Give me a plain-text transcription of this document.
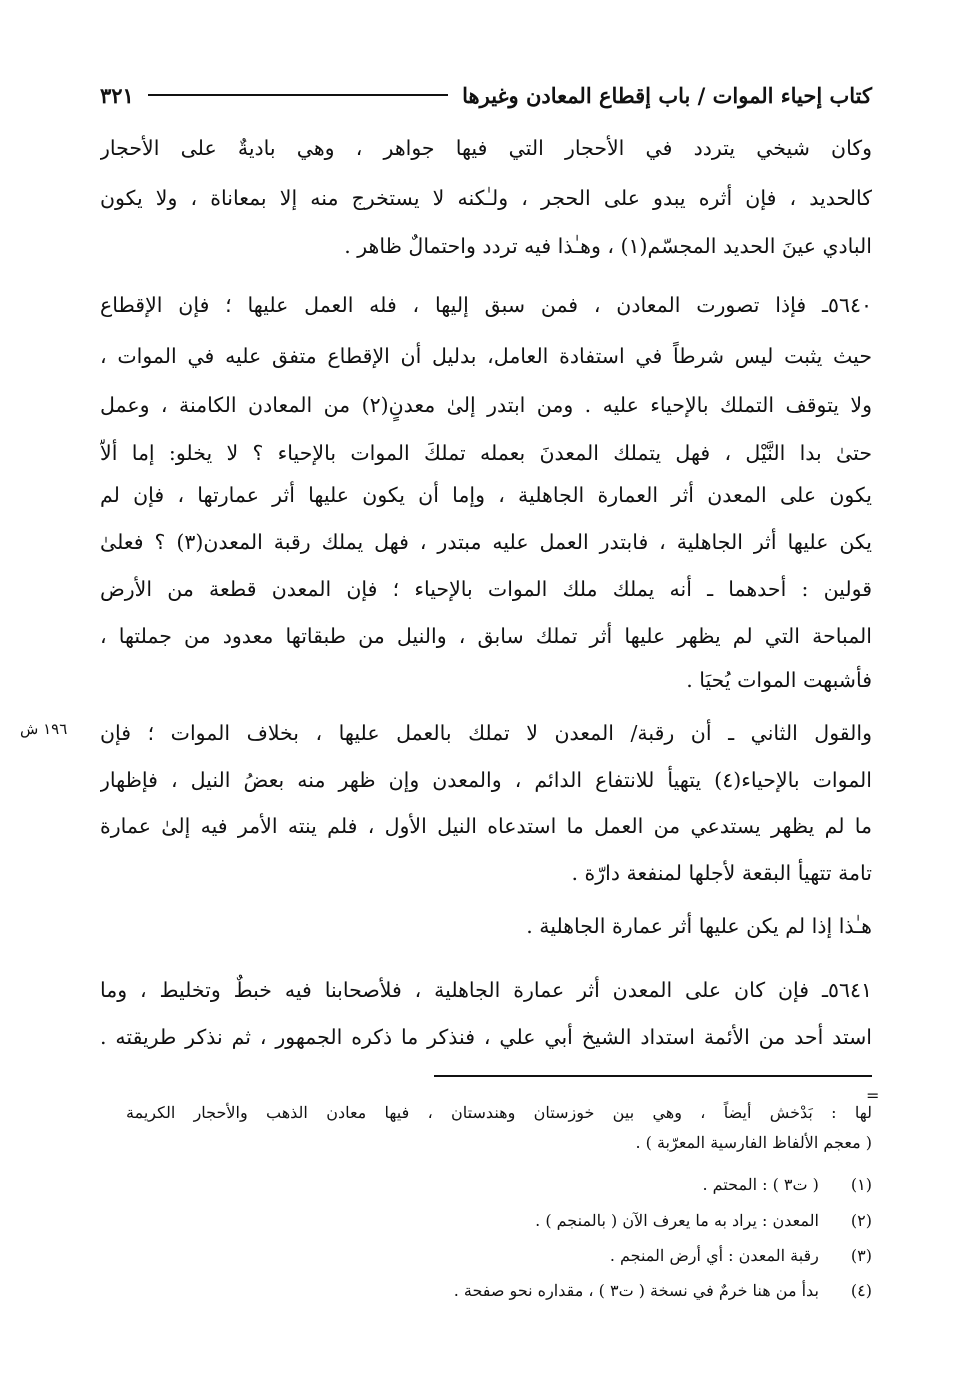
كتاب إحياء الموات / باب إقطاع المعادن وغيرها
٣٢١
وكان شيخي يتردد في الأحجار التي فيها جواهر ، وهي باديةٌ على الأحجار
كالحديد ، فإن أثره يبدو على الحجر ، ولـٰكنه لا يستخرج منه إلا بمعاناة ، ولا يكون
البادي عينَ الحديد المجسّم(١) ، وهـٰذا فيه تردد واحتمالٌ ظاهر .
٥٦٤٠ـ فإذا تصورت المعادن ، فمن سبق إليها ، فله العمل عليها ؛ فإن الإقطاع
حيث يثبت ليس شرطاً في استفادة العامل، بدليل أن الإقطاع متفق عليه في الموات ،
ولا يتوقف التملك بالإحياء عليه . ومن ابتدر إلىٰ معدنٍ(٢) من المعادن الكامنة ، وعمل
حتىٰ بدا النَّيْل ، فهل يتملك المعدنَ بعمله تملكَ الموات بالإحياء ؟ لا يخلو: إما ألاّ
يكون على المعدن أثر العمارة الجاهلية ، وإما أن يكون عليها أثر عمارتها ، فإن لم
يكن عليها أثر الجاهلية ، فابتدر العمل عليه مبتدر ، فهل يملك رقبة المعدن(٣) ؟ فعلىٰ
قولين : أحدهما ـ أنه يملك ملك الموات بالإحياء ؛ فإن المعدن قطعة من الأرض
المباحة التي لم يظهر عليها أثر تملك سابق ، والنيل من طبقاتها معدود من جملتها ،
فأشبهت الموات يُحيَا .
١٩٦ ش والقول الثاني ـ أن رقبة/ المعدن لا تملك بالعمل عليها ، بخلاف الموات ؛ فإن
الموات بالإحياء(٤) يتهيأ للانتفاع الدائم ، والمعدن وإن ظهر منه بعضُ النيل ، فإظهار
ما لم يظهر يستدعي من العمل ما استدعاه النيل الأول ، فلم ينته الأمر فيه إلىٰ عمارة
تامة تتهيأ البقعة لأجلها لمنفعة دارّة .
هـٰذا إذا لم يكن عليها أثر عمارة الجاهلية .
٥٦٤١ـ فإن كان على المعدن أثر عمارة الجاهلية ، فلأصحابنا فيه خبطٌ وتخليط ، وما
استد أحد من الأئمة استداد الشيخ أبي علي ، فنذكر ما ذكره الجمهور ، ثم نذكر طريقته .
=
لها : بَدْخش أيضاً ، وهي بين خوزستان وهندستان ، فيها معادن الذهب والأحجار الكريمة
( معجم الألفاظ الفارسية المعرّبة ) .
(١) ( ت٣ ) : المحتم .
(٢) المعدن : يراد به ما يعرف الآن ( بالمنجم ) .
(٣) رقبة المعدن : أي أرض المنجم .
(٤) بدأ من هنا خرمٌ في نسخة ( ت٣ ) ، مقداره نحو صفحة .
